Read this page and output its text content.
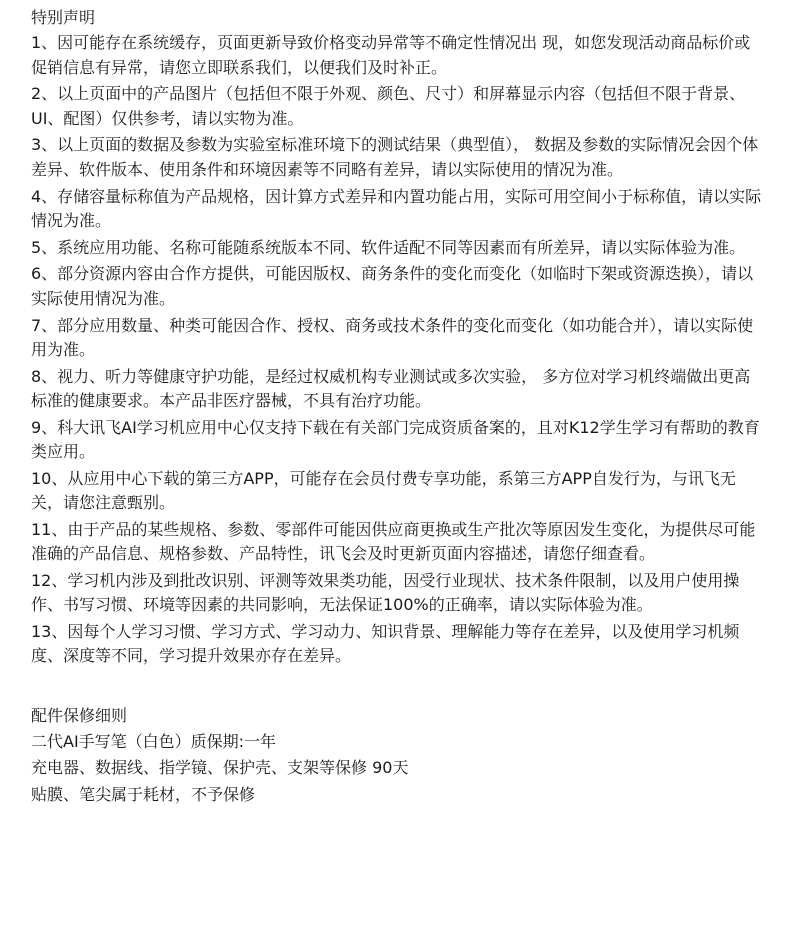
特别声明

1、因可能存在系统缓存，页面更新导致价格变动异常等不确定性情况出 现，如您发现活动商品标价或促销信息有异常，请您立即联系我们，以便我们及时补正。

2、以上页面中的产品图片（包括但不限于外观、颜色、尺寸）和屏幕显示内容（包括但不限于背景、UI、配图）仅供参考，请以实物为准。

3、以上页面的数据及参数为实验室标准环境下的测试结果（典型值）， 数据及参数的实际情况会因个体差异、软件版本、使用条件和环境因素等不同略有差异，请以实际使用的情况为准。

4、存储容量标称值为产品规格，因计算方式差异和内置功能占用，实际可用空间小于标称值，请以实际情况为准。

5、系统应用功能、名称可能随系统版本不同、软件适配不同等因素而有所差异，请以实际体验为准。

6、部分资源内容由合作方提供，可能因版权、商务条件的变化而变化（如临时下架或资源迭换），请以实际使用情况为准。

7、部分应用数量、种类可能因合作、授权、商务或技术条件的变化而变化（如功能合并），请以实际使用为准。

8、视力、听力等健康守护功能，是经过权威机构专业测试或多次实验， 多方位对学习机终端做出更高标准的健康要求。本产品非医疗器械，不具有治疗功能。

9、科大讯飞AI学习机应用中心仅支持下载在有关部门完成资质备案的，且对K12学生学习有帮助的教育类应用。

10、从应用中心下载的第三方APP，可能存在会员付费专享功能，系第三方APP自发行为，与讯飞无关，请您注意甄别。

11、由于产品的某些规格、参数、零部件可能因供应商更换或生产批次等原因发生变化，为提供尽可能准确的产品信息、规格参数、产品特性，讯飞会及时更新页面内容描述，请您仔细查看。

12、学习机内涉及到批改识别、评测等效果类功能，因受行业现状、技术条件限制，以及用户使用操作、书写习惯、环境等因素的共同影响，无法保证100%的正确率，请以实际体验为准。

13、因每个人学习习惯、学习方式、学习动力、知识背景、理解能力等存在差异，以及使用学习机频度、深度等不同，学习提升效果亦存在差异。

配件保修细则

二代AI手写笔（白色）质保期:一年

充电器、数据线、指学镜、保护壳、支架等保修 90天

贴膜、笔尖属于耗材，不予保修
